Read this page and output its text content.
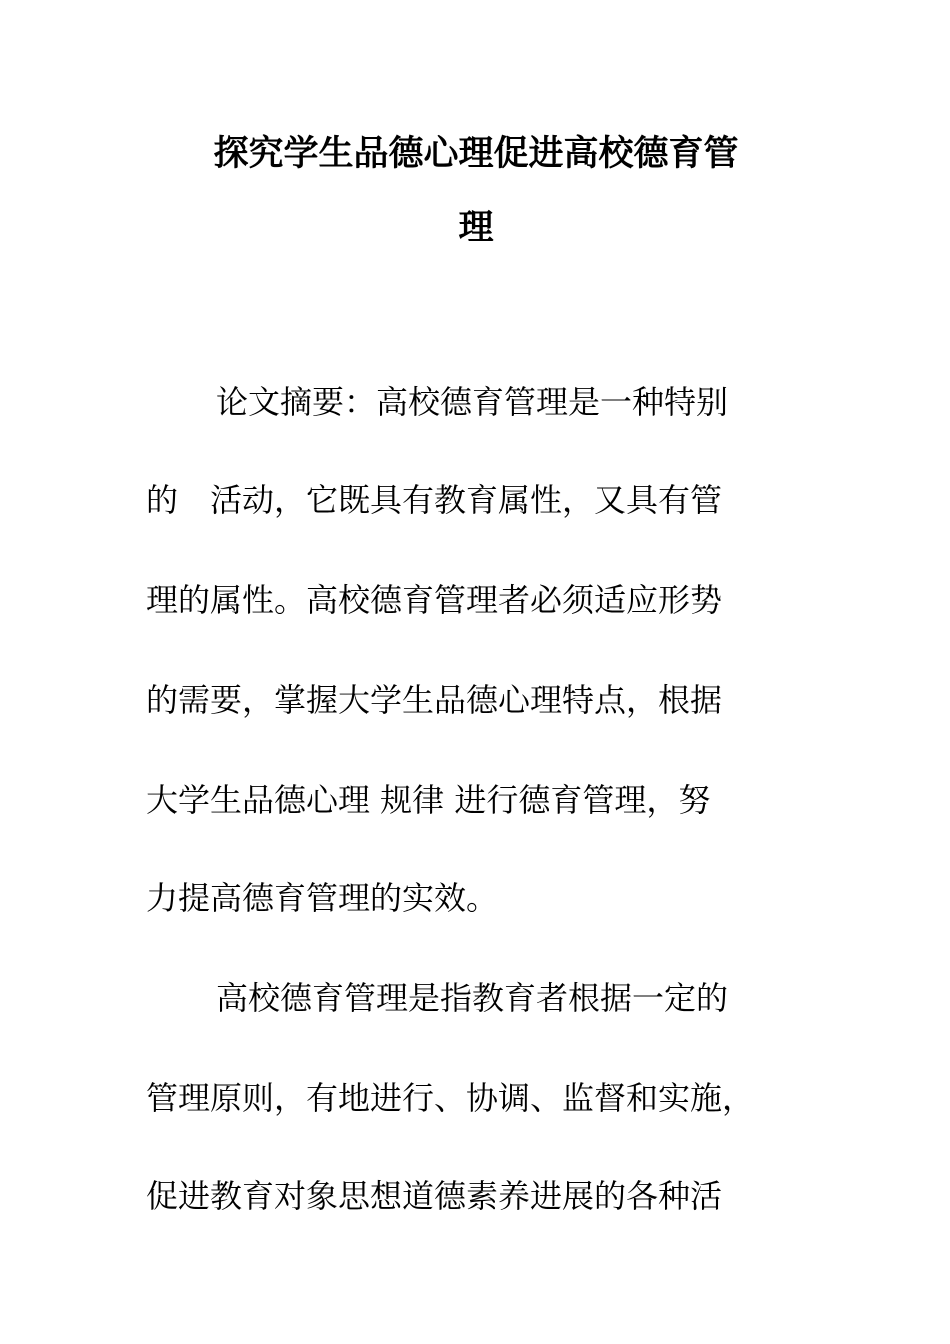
探究学生品德心理促进高校德育管
理

论文摘要：高校德育管理是一种特别

的　活动，它既具有教育属性，又具有管

理的属性。高校德育管理者必须适应形势

的需要，掌握大学生品德心理特点，根据

大学生品德心理 规律 进行德育管理，努

力提高德育管理的实效。

高校德育管理是指教育者根据一定的

管理原则，有地进行、协调、监督和实施，

促进教育对象思想道德素养进展的各种活
